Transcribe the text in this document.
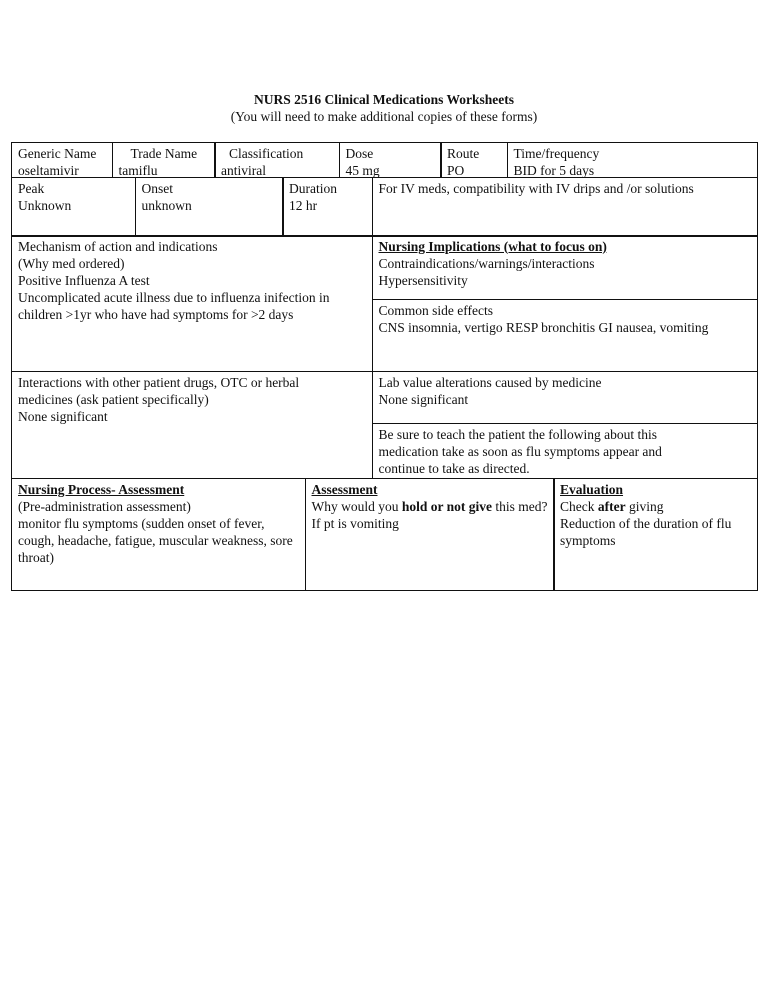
NURS 2516 Clinical Medications Worksheets
(You will need to make additional copies of these forms)
Generic Name
oseltamivir
Trade Name
tamiflu
Classification
antiviral
Dose
45 mg
Route
PO
Time/frequency
BID for 5 days
Peak
Unknown
Onset
unknown
Duration
12 hr
For IV meds, compatibility with IV drips and /or solutions
Mechanism of action and indications
(Why med ordered)
Positive Influenza A test
Uncomplicated acute illness due to influenza inifection in
children >1yr who have had symptoms for >2 days
Nursing Implications (what to focus on)
Contraindications/warnings/interactions
Hypersensitivity
Common side effects
CNS insomnia, vertigo RESP bronchitis GI nausea, vomiting
Interactions with other patient drugs, OTC or herbal
medicines (ask patient specifically)
None significant
Lab value alterations caused by medicine
None significant
Be sure to teach the patient the following about this
medication take as soon as flu symptoms appear and
continue to take as directed.
Nursing Process- Assessment
(Pre-administration assessment)
monitor flu symptoms (sudden onset of fever, cough, headache, fatigue, muscular weakness, sore throat)
Assessment
Why would you hold or not give this med? If pt is vomiting
Evaluation
Check after giving
Reduction of the duration of flu symptoms
